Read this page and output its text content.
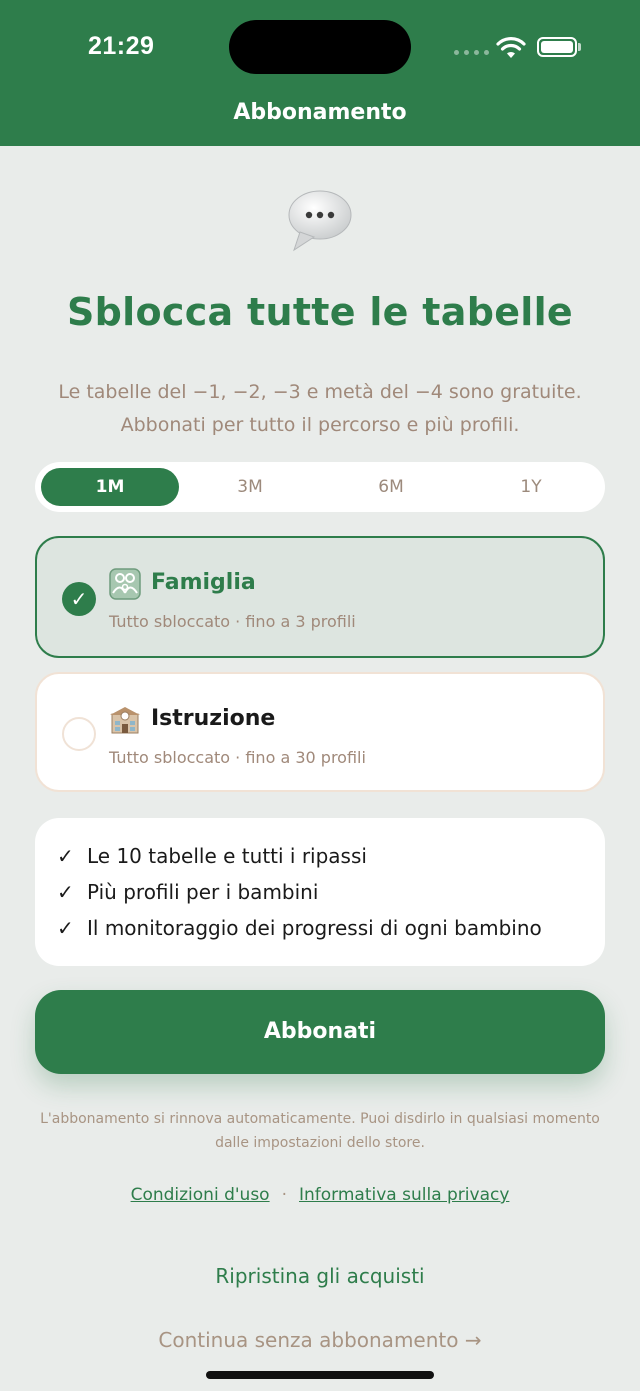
21:29
Abbonamento
Sblocca tutte le tabelle
Le tabelle del −1, −2, −3 e metà del −4 sono gratuite.
Abbonati per tutto il percorso e più profili.
1M	3M	6M	1Y
✓
Famiglia
Tutto sbloccato · fino a 3 profili
Istruzione
Tutto sbloccato · fino a 30 profili
✓ Le 10 tabelle e tutti i ripassi
✓ Più profili per i bambini
✓ Il monitoraggio dei progressi di ogni bambino
Abbonati
L'abbonamento si rinnova automaticamente. Puoi disdirlo in qualsiasi momento
dalle impostazioni dello store.
Condizioni d'uso · Informativa sulla privacy
Ripristina gli acquisti
Continua senza abbonamento →
